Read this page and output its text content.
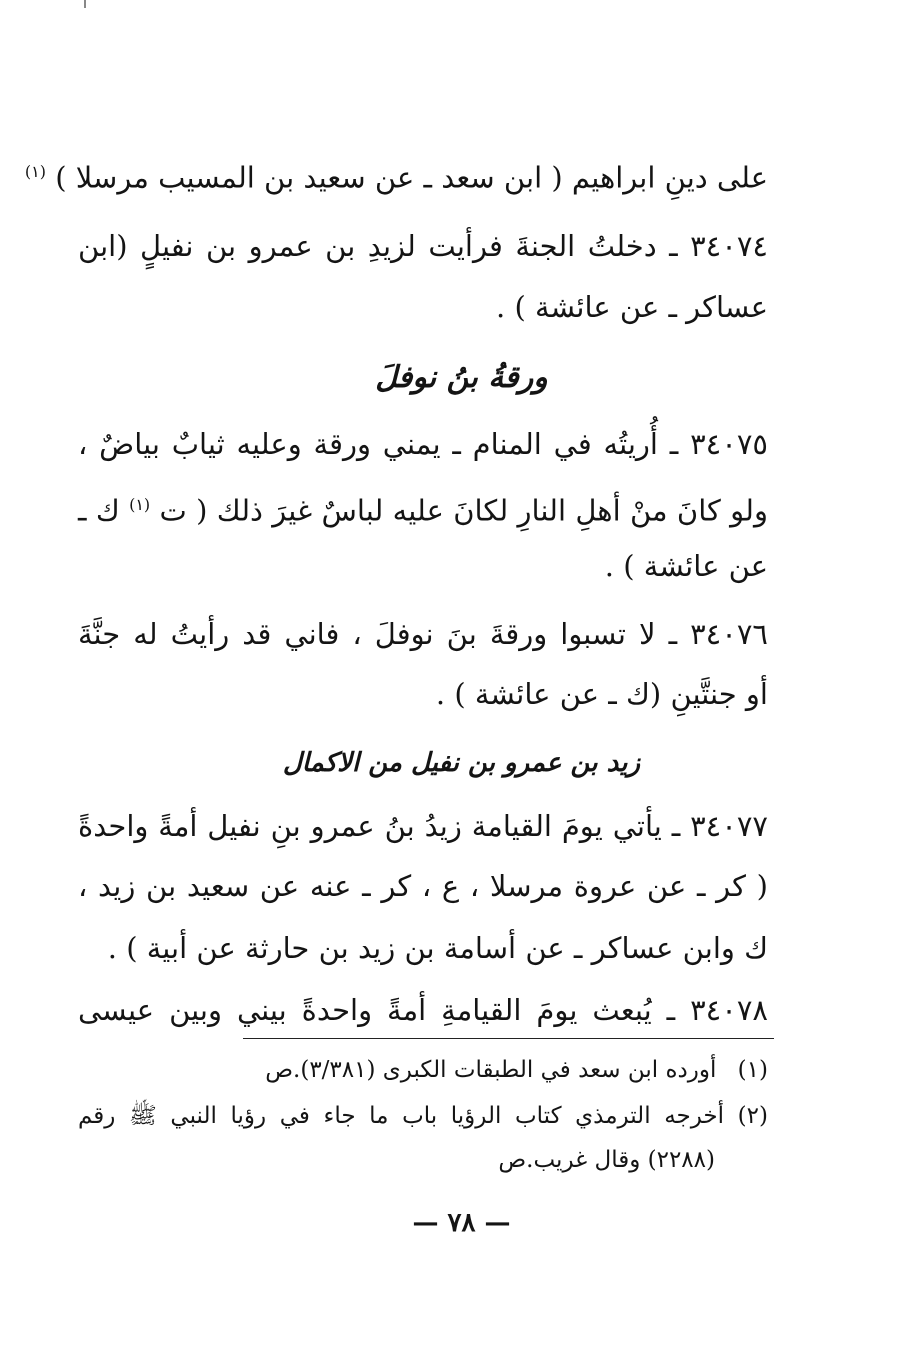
على دينِ ابراهيم ( ابن سعد ـ عن سعيد بن المسيب مرسلا ) $^{(١)}$
٣٤٠٧٤ ـ دخلتُ الجنةَ فرأيت لزيدِ بن عمرو بن نفيلٍ (ابن
عساكر ـ عن عائشة ) .
ورقةُ بنُ نوفلَ
٣٤٠٧٥ ـ أُريتُه في المنام ـ يمني ورقة وعليه ثيابٌ بياضٌ ،
ولو كانَ منْ أهلِ النارِ لكانَ عليه لباسٌ غيرَ ذلك ( ت $^{(١)}$ ك ـ
عن عائشة ) .
٣٤٠٧٦ ـ لا تسبوا ورقةَ بنَ نوفلَ ، فاني قد رأيتُ له جنَّةَ
أو جنتَّينِ (ك ـ عن عائشة ) .
زيد بن عمرو بن نفيل من الاكمال
٣٤٠٧٧ ـ يأتي يومَ القيامة زيدُ بنُ عمرو بنِ نفيل أمةً واحدةً
( كر ـ عن عروة مرسلا ، ع ، كر ـ عنه عن سعيد بن زيد ،
ك وابن عساكر ـ عن أسامة بن زيد بن حارثة عن أبية ) .
٣٤٠٧٨ ـ يُبعث يومَ القيامةِ أمةً واحدةً بيني وبين عيسى
(١) أورده ابن سعد في الطبقات الكبرى (٣/٣٨١).ص
(٢) أخرجه الترمذي كتاب الرؤيا باب ما جاء في رؤيا النبي ﷺ رقم
(٢٢٨٨) وقال غريب.ص
— ٧٨ —
